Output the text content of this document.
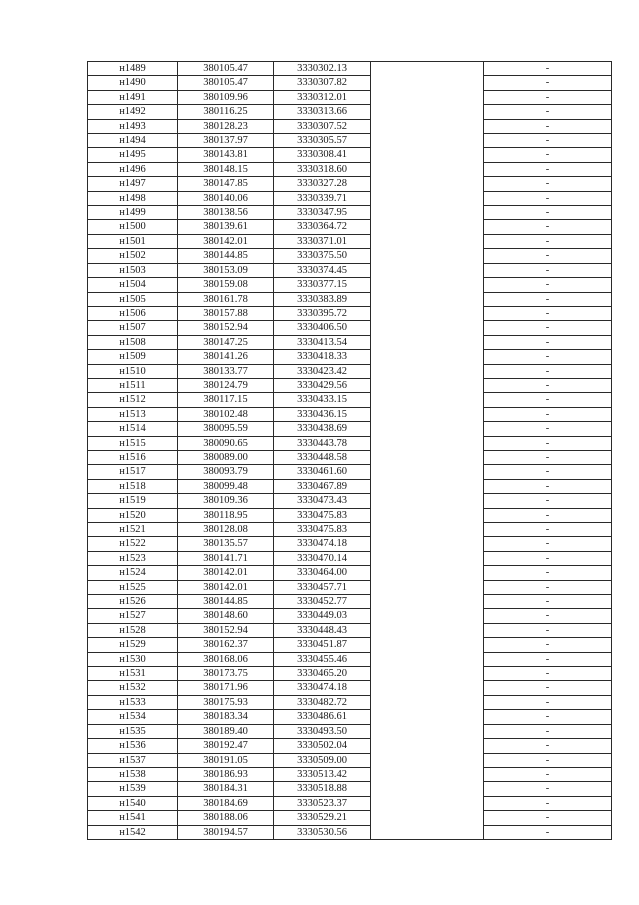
н1489	380105.47	3330302.13		-
н1490	380105.47	3330307.82		-
н1491	380109.96	3330312.01		-
н1492	380116.25	3330313.66		-
н1493	380128.23	3330307.52		-
н1494	380137.97	3330305.57		-
н1495	380143.81	3330308.41		-
н1496	380148.15	3330318.60		-
н1497	380147.85	3330327.28		-
н1498	380140.06	3330339.71		-
н1499	380138.56	3330347.95		-
н1500	380139.61	3330364.72		-
н1501	380142.01	3330371.01		-
н1502	380144.85	3330375.50		-
н1503	380153.09	3330374.45		-
н1504	380159.08	3330377.15		-
н1505	380161.78	3330383.89		-
н1506	380157.88	3330395.72		-
н1507	380152.94	3330406.50		-
н1508	380147.25	3330413.54		-
н1509	380141.26	3330418.33		-
н1510	380133.77	3330423.42		-
н1511	380124.79	3330429.56		-
н1512	380117.15	3330433.15		-
н1513	380102.48	3330436.15		-
н1514	380095.59	3330438.69		-
н1515	380090.65	3330443.78		-
н1516	380089.00	3330448.58		-
н1517	380093.79	3330461.60		-
н1518	380099.48	3330467.89		-
н1519	380109.36	3330473.43		-
н1520	380118.95	3330475.83		-
н1521	380128.08	3330475.83		-
н1522	380135.57	3330474.18		-
н1523	380141.71	3330470.14		-
н1524	380142.01	3330464.00		-
н1525	380142.01	3330457.71		-
н1526	380144.85	3330452.77		-
н1527	380148.60	3330449.03		-
н1528	380152.94	3330448.43		-
н1529	380162.37	3330451.87		-
н1530	380168.06	3330455.46		-
н1531	380173.75	3330465.20		-
н1532	380171.96	3330474.18		-
н1533	380175.93	3330482.72		-
н1534	380183.34	3330486.61		-
н1535	380189.40	3330493.50		-
н1536	380192.47	3330502.04		-
н1537	380191.05	3330509.00		-
н1538	380186.93	3330513.42		-
н1539	380184.31	3330518.88		-
н1540	380184.69	3330523.37		-
н1541	380188.06	3330529.21		-
н1542	380194.57	3330530.56		-
